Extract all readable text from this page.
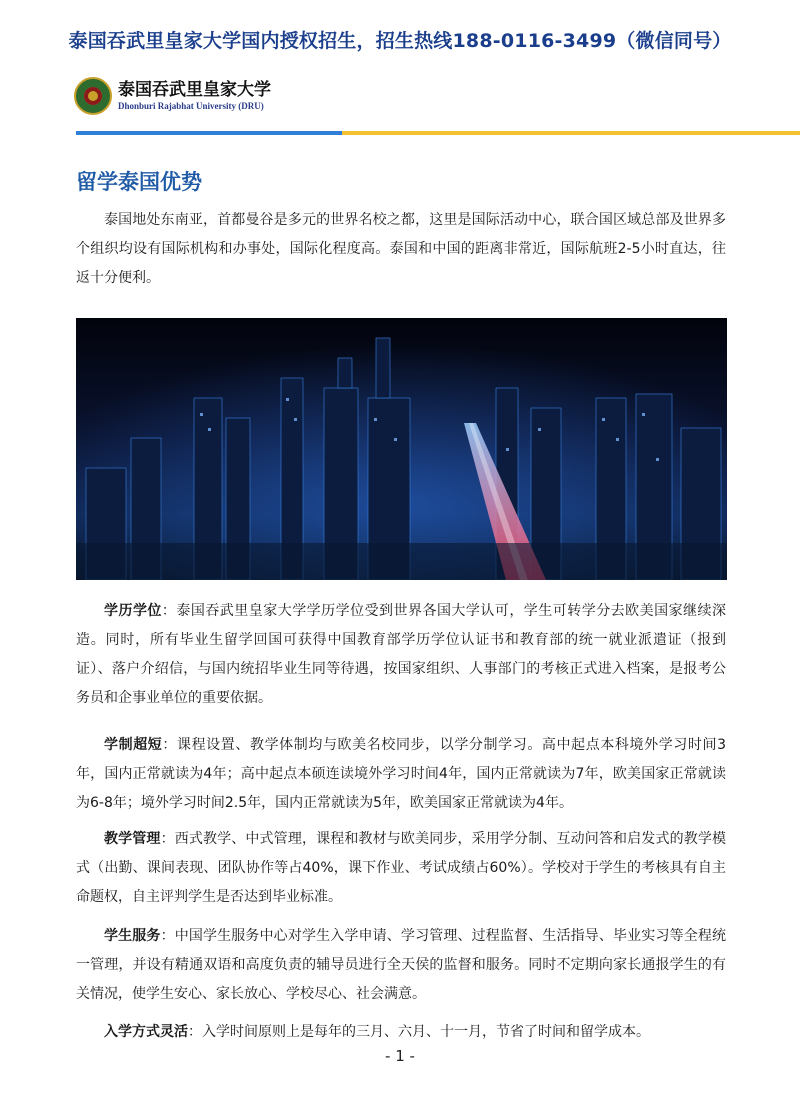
泰国吞武里皇家大学国内授权招生，招生热线188-0116-3499（微信同号）
泰国吞武里皇家大学
Dhonburi Rajabhat University (DRU)
留学泰国优势

泰国地处东南亚，首都曼谷是多元的世界名校之都，这里是国际活动中心，联合国区域总部及世界多个组织均设有国际机构和办事处，国际化程度高。泰国和中国的距离非常近，国际航班2-5小时直达，往返十分便利。

学历学位：泰国吞武里皇家大学学历学位受到世界各国大学认可，学生可转学分去欧美国家继续深造。同时，所有毕业生留学回国可获得中国教育部学历学位认证书和教育部的统一就业派遣证（报到证）、落户介绍信，与国内统招毕业生同等待遇，按国家组织、人事部门的考核正式进入档案，是报考公务员和企事业单位的重要依据。

学制超短：课程设置、教学体制均与欧美名校同步，以学分制学习。高中起点本科境外学习时间3年，国内正常就读为4年；高中起点本硕连读境外学习时间4年，国内正常就读为7年，欧美国家正常就读为6-8年；境外学习时间2.5年，国内正常就读为5年，欧美国家正常就读为4年。

教学管理：西式教学、中式管理，课程和教材与欧美同步，采用学分制、互动问答和启发式的教学模式（出勤、课间表现、团队协作等占40%，课下作业、考试成绩占60%）。学校对于学生的考核具有自主命题权，自主评判学生是否达到毕业标准。

学生服务：中国学生服务中心对学生入学申请、学习管理、过程监督、生活指导、毕业实习等全程统一管理，并设有精通双语和高度负责的辅导员进行全天侯的监督和服务。同时不定期向家长通报学生的有关情况，使学生安心、家长放心、学校尽心、社会满意。

入学方式灵活：入学时间原则上是每年的三月、六月、十一月，节省了时间和留学成本。

- 1 -
